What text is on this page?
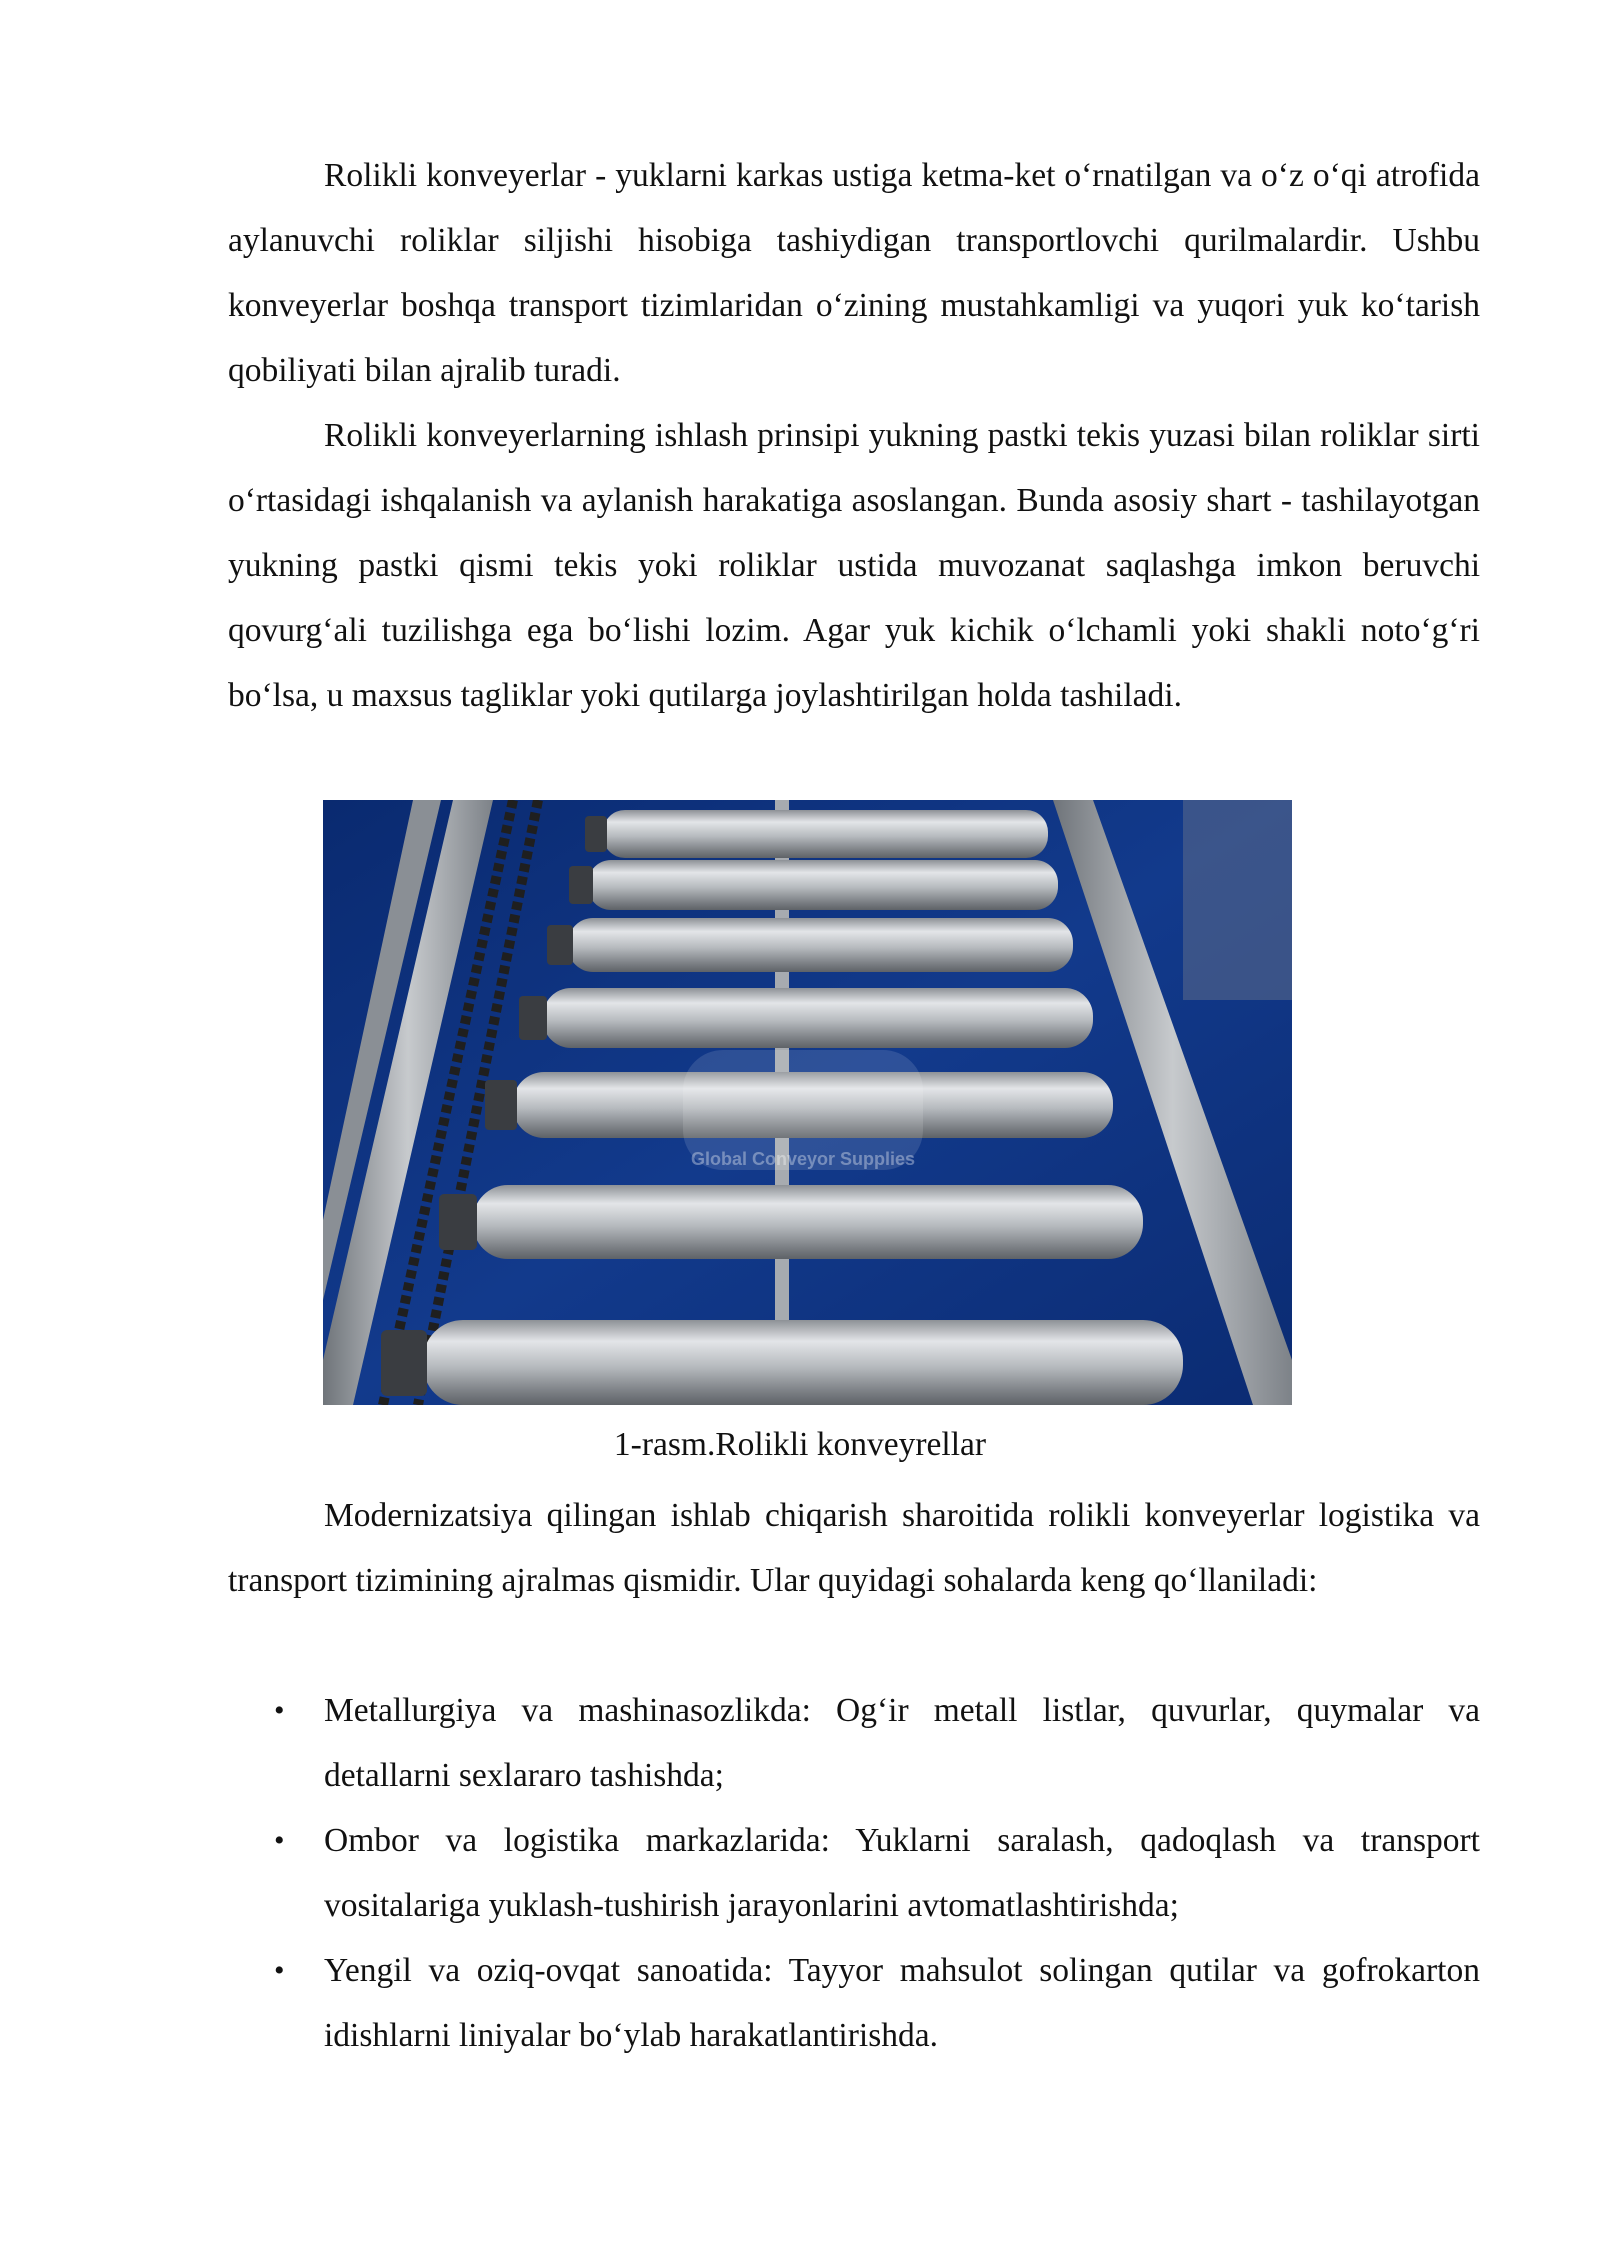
Rolikli konveyerlar - yuklarni karkas ustiga ketma-ket o‘rnatilgan va o‘z o‘qi atrofida aylanuvchi roliklar siljishi hisobiga tashiydigan transportlovchi qurilmalardir. Ushbu konveyerlar boshqa transport tizimlaridan o‘zining mustahkamligi va yuqori yuk ko‘tarish qobiliyati bilan ajralib turadi.

Rolikli konveyerlarning ishlash prinsipi yukning pastki tekis yuzasi bilan roliklar sirti o‘rtasidagi ishqalanish va aylanish harakatiga asoslangan. Bunda asosiy shart - tashilayotgan yukning pastki qismi tekis yoki roliklar ustida muvozanat saqlashga imkon beruvchi qovurg‘ali tuzilishga ega bo‘lishi lozim. Agar yuk kichik o‘lchamli yoki shakli noto‘g‘ri bo‘lsa, u maxsus tagliklar yoki qutilarga joylashtirilgan holda tashiladi.

Global Conveyor Supplies
1-rasm.Rolikli konveyrellar

Modernizatsiya qilingan ishlab chiqarish sharoitida rolikli konveyerlar logistika va transport tizimining ajralmas qismidir. Ular quyidagi sohalarda keng qo‘llaniladi:

• Metallurgiya va mashinasozlikda: Og‘ir metall listlar, quvurlar, quymalar va detallarni sexlararo tashishda;
• Ombor va logistika markazlarida: Yuklarni saralash, qadoqlash va transport vositalariga yuklash-tushirish jarayonlarini avtomatlashtirishda;
• Yengil va oziq-ovqat sanoatida: Tayyor mahsulot solingan qutilar va gofrokarton idishlarni liniyalar bo‘ylab harakatlantirishda.
